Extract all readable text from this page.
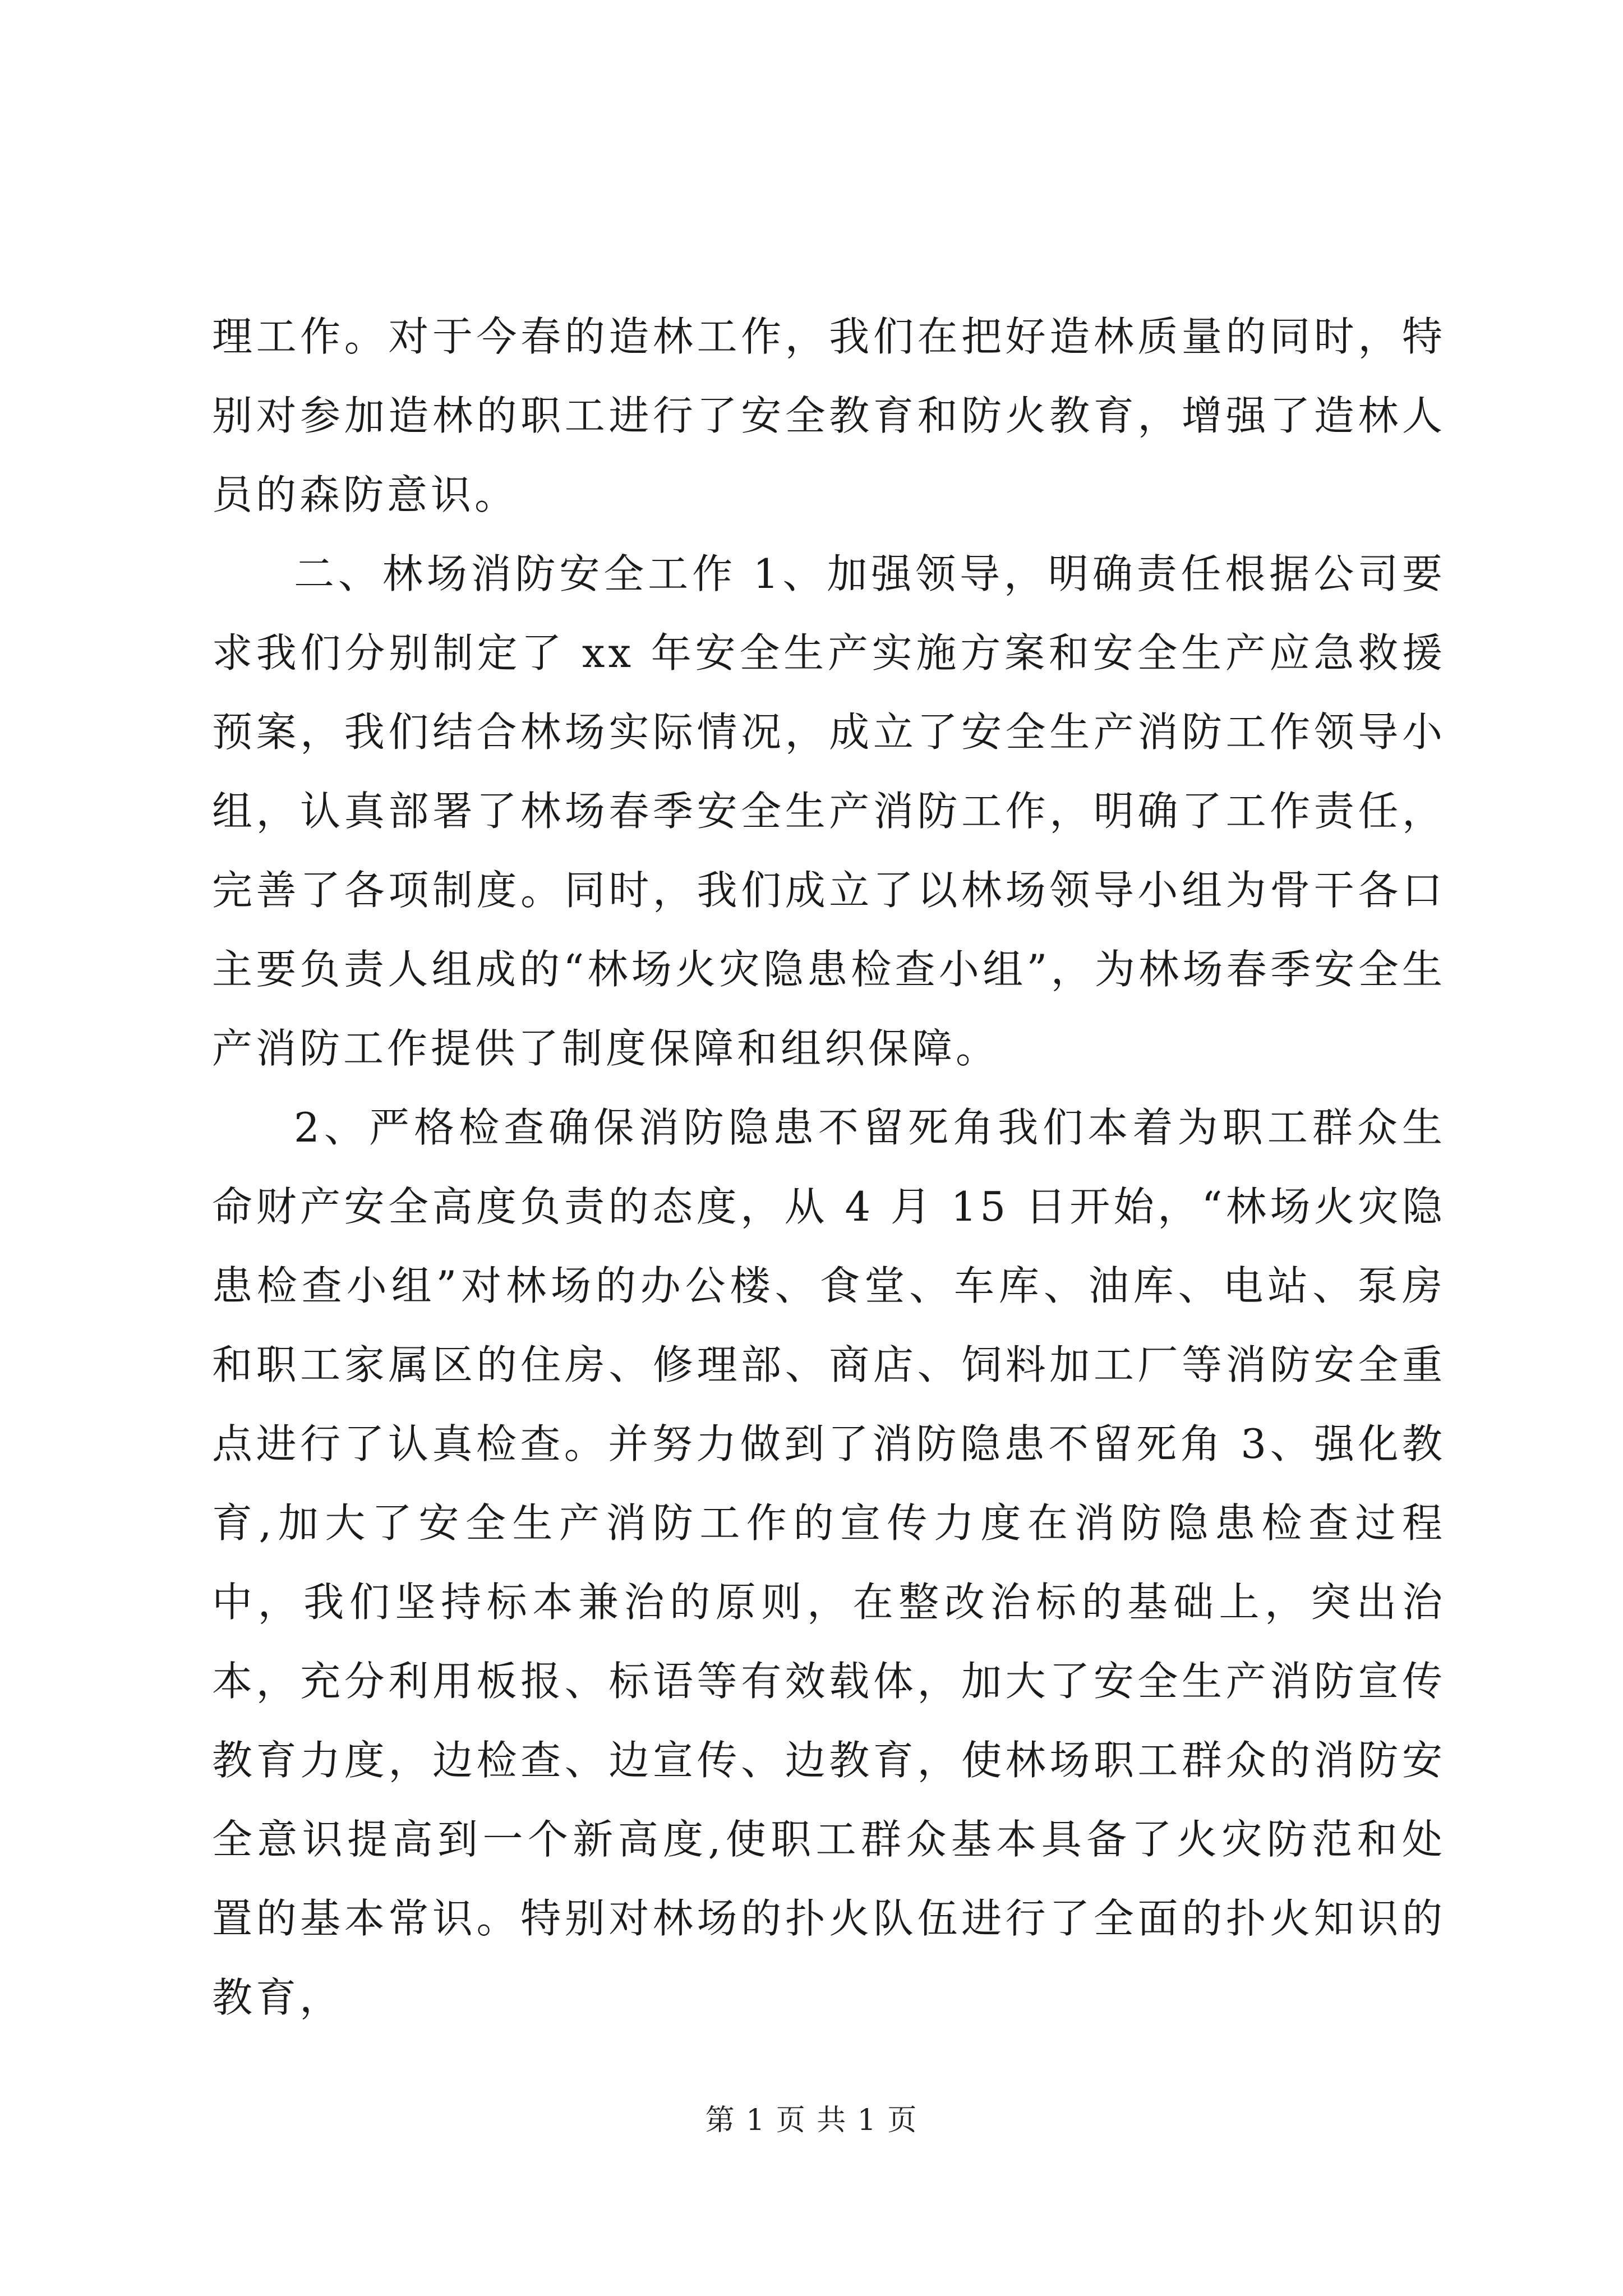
理工作。对于今春的造林工作，我们在把好造林质量的同时，特别对参加造林的职工进行了安全教育和防火教育，增强了造林人员的森防意识。

二、林场消防安全工作 1、加强领导，明确责任根据公司要求我们分别制定了 xx 年安全生产实施方案和安全生产应急救援预案，我们结合林场实际情况，成立了安全生产消防工作领导小组，认真部署了林场春季安全生产消防工作，明确了工作责任，完善了各项制度。同时，我们成立了以林场领导小组为骨干各口主要负责人组成的“林场火灾隐患检查小组”，为林场春季安全生产消防工作提供了制度保障和组织保障。

2、严格检查确保消防隐患不留死角我们本着为职工群众生命财产安全高度负责的态度，从 4 月 15 日开始，“林场火灾隐患检查小组”对林场的办公楼、食堂、车库、油库、电站、泵房和职工家属区的住房、修理部、商店、饲料加工厂等消防安全重点进行了认真检查。并努力做到了消防隐患不留死角 3、强化教育,加大了安全生产消防工作的宣传力度在消防隐患检查过程中，我们坚持标本兼治的原则，在整改治标的基础上，突出治本，充分利用板报、标语等有效载体，加大了安全生产消防宣传教育力度，边检查、边宣传、边教育，使林场职工群众的消防安全意识提高到一个新高度,使职工群众基本具备了火灾防范和处置的基本常识。特别对林场的扑火队伍进行了全面的扑火知识的教育，

第 1 页 共 1 页
